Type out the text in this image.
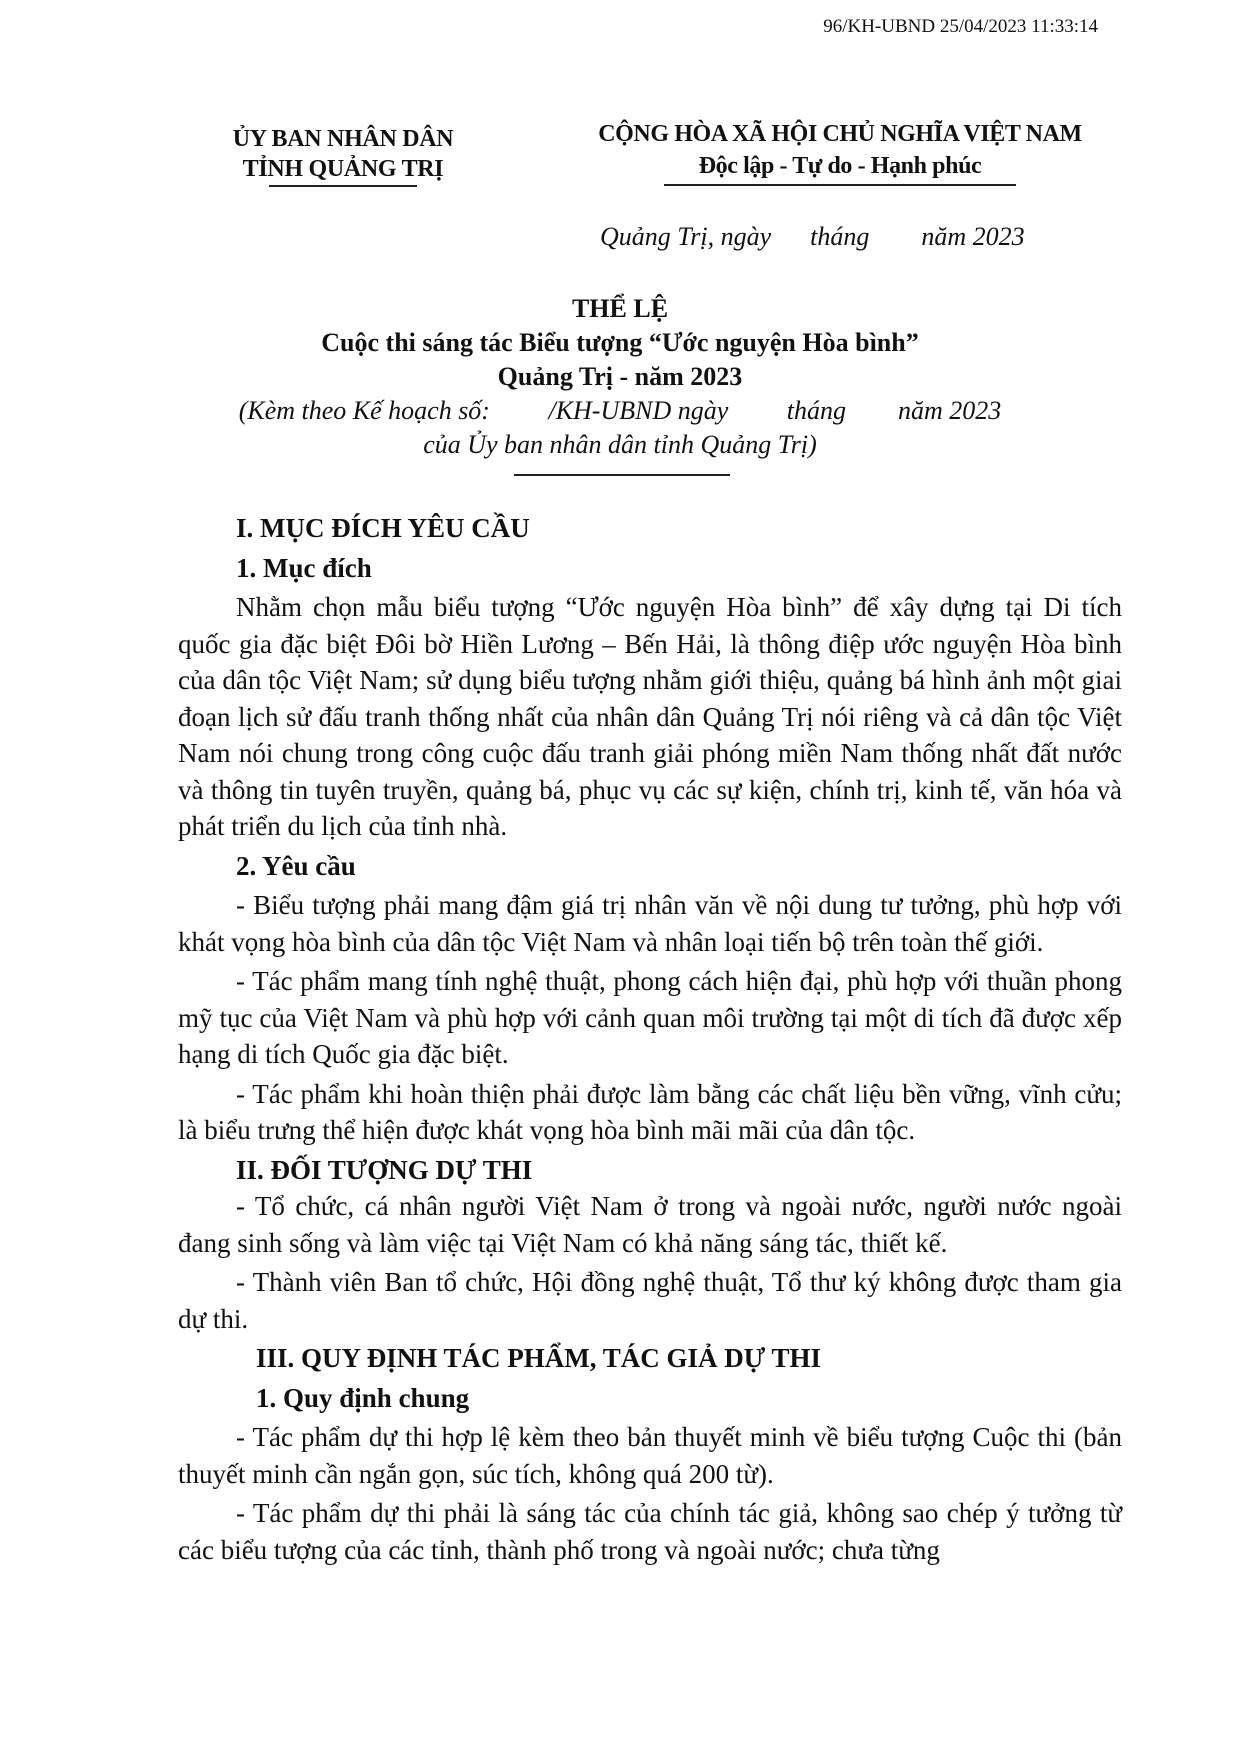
96/KH-UBND 25/04/2023 11:33:14
ỦY BAN NHÂN DÂN
TỈNH QUẢNG TRỊ
CỘNG HÒA XÃ HỘI CHỦ NGHĨA VIỆT NAM
Độc lập - Tự do - Hạnh phúc
Quảng Trị, ngày      tháng        năm 2023
THỂ LỆ
Cuộc thi sáng tác Biểu tượng “Ước nguyện Hòa bình”
Quảng Trị - năm 2023
(Kèm theo Kế hoạch số:         /KH-UBND ngày         tháng        năm 2023
của Ủy ban nhân dân tỉnh Quảng Trị)
I. MỤC ĐÍCH YÊU CẦU
1. Mục đích

Nhằm chọn mẫu biểu tượng “Ước nguyện Hòa bình” để xây dựng tại Di tích quốc gia đặc biệt Đôi bờ Hiền Lương – Bến Hải, là thông điệp ước nguyện Hòa bình của dân tộc Việt Nam; sử dụng biểu tượng nhằm giới thiệu, quảng bá hình ảnh một giai đoạn lịch sử đấu tranh thống nhất của nhân dân Quảng Trị nói riêng và cả dân tộc Việt Nam nói chung trong công cuộc đấu tranh giải phóng miền Nam thống nhất đất nước và thông tin tuyên truyền, quảng bá, phục vụ các sự kiện, chính trị, kinh tế, văn hóa và phát triển du lịch của tỉnh nhà.

2. Yêu cầu

- Biểu tượng phải mang đậm giá trị nhân văn về nội dung tư tưởng, phù hợp với khát vọng hòa bình của dân tộc Việt Nam và nhân loại tiến bộ trên toàn thế giới.

- Tác phẩm mang tính nghệ thuật, phong cách hiện đại, phù hợp với thuần phong mỹ tục của Việt Nam và phù hợp với cảnh quan môi trường tại một di tích đã được xếp hạng di tích Quốc gia đặc biệt.

- Tác phẩm khi hoàn thiện phải được làm bằng các chất liệu bền vững, vĩnh cửu; là biểu trưng thể hiện được khát vọng hòa bình mãi mãi của dân tộc.

II. ĐỐI TƯỢNG DỰ THI

- Tổ chức, cá nhân người Việt Nam ở trong và ngoài nước, người nước ngoài đang sinh sống và làm việc tại Việt Nam có khả năng sáng tác, thiết kế.

- Thành viên Ban tổ chức, Hội đồng nghệ thuật, Tổ thư ký không được tham gia dự thi.

III. QUY ĐỊNH TÁC PHẨM, TÁC GIẢ DỰ THI
1. Quy định chung

- Tác phẩm dự thi hợp lệ kèm theo bản thuyết minh về biểu tượng Cuộc thi (bản thuyết minh cần ngắn gọn, súc tích, không quá 200 từ).

- Tác phẩm dự thi phải là sáng tác của chính tác giả, không sao chép ý tưởng từ các biểu tượng của các tỉnh, thành phố trong và ngoài nước; chưa từng
